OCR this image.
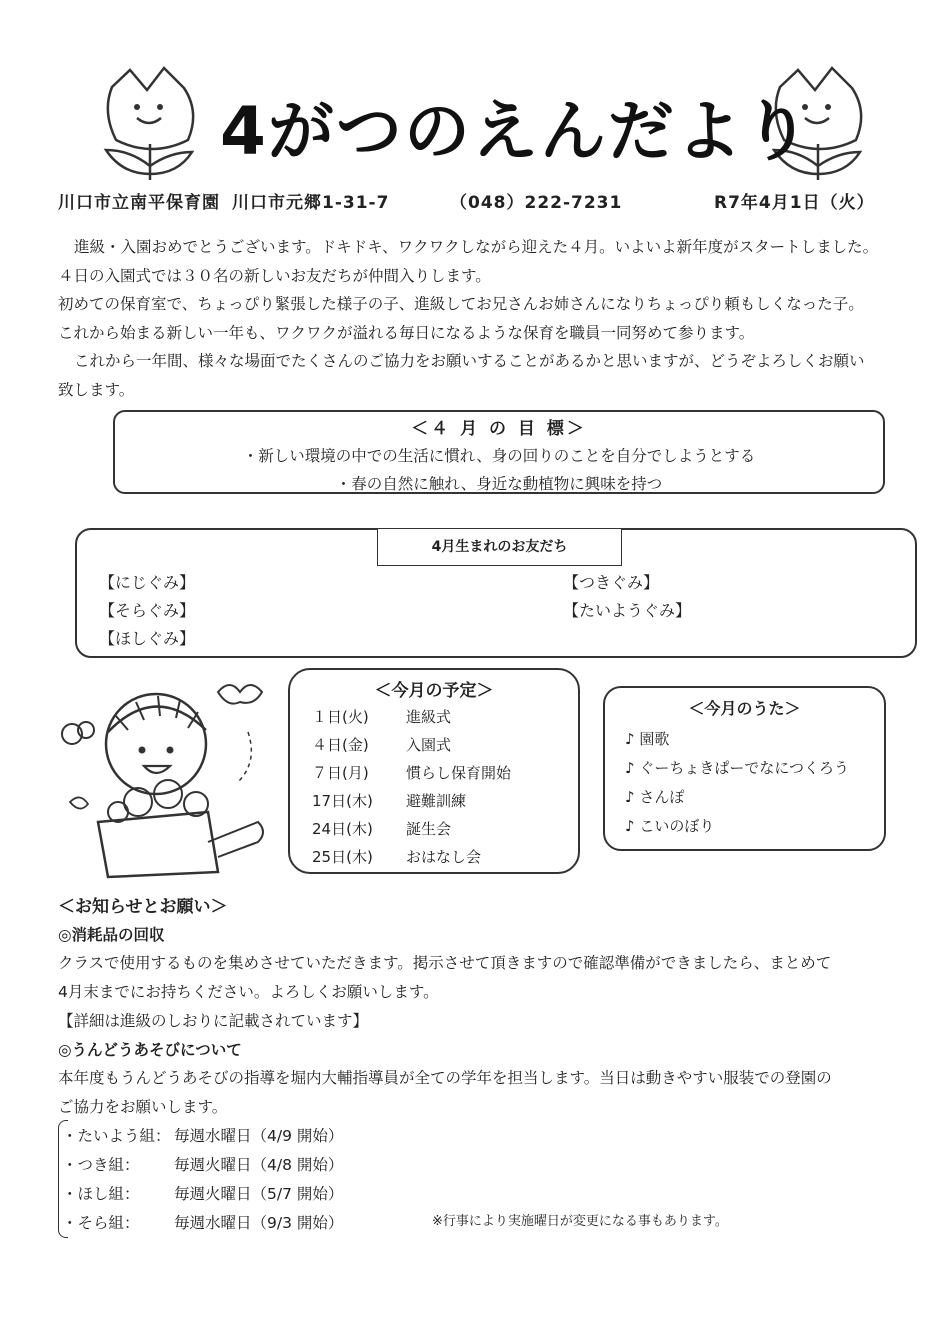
4がつのえんだより
川口市立南平保育園 川口市元郷1-31-7	（048）222-7231	R7年4月1日（火）

進級・入園おめでとうございます。ドキドキ、ワクワクしながら迎えた４月。いよいよ新年度がスタートしました。

４日の入園式では３０名の新しいお友だちが仲間入りします。

初めての保育室で、ちょっぴり緊張した様子の子、進級してお兄さんお姉さんになりちょっぴり頼もしくなった子。

これから始まる新しい一年も、ワクワクが溢れる毎日になるような保育を職員一同努めて参ります。

これから一年間、様々な場面でたくさんのご協力をお願いすることがあるかと思いますが、どうぞよろしくお願い

致します。

＜４ 月 の 目 標＞
・新しい環境の中での生活に慣れ、身の回りのことを自分でしようとする
・春の自然に触れ、身近な動植物に興味を持つ
4月生まれのお友だち
【にじぐみ】
【そらぐみ】
【ほしぐみ】
【つきぐみ】
【たいようぐみ】
＜今月の予定＞
１日(火) 進級式
４日(金) 入園式
７日(月) 慣らし保育開始
17日(木) 避難訓練
24日(木) 誕生会
25日(木) おはなし会
＜今月のうた＞
♪ 園歌
♪ ぐーちょきぱーでなにつくろう
♪ さんぽ
♪ こいのぼり
＜お知らせとお願い＞
◎消耗品の回収
クラスで使用するものを集めさせていただきます。掲示させて頂きますので確認準備ができましたら、まとめて
4月末までにお持ちください。よろしくお願いします。
【詳細は進級のしおりに記載されています】
◎うんどうあそびについて
本年度もうんどうあそびの指導を堀内大輔指導員が全ての学年を担当します。当日は動きやすい服装での登園の
ご協力をお願いします。
・たいよう組： 毎週水曜日（4/9 開始）
・つき組： 毎週火曜日（4/8 開始）
・ほし組： 毎週火曜日（5/7 開始）
・そら組： 毎週水曜日（9/3 開始）	※行事により実施曜日が変更になる事もあります。
